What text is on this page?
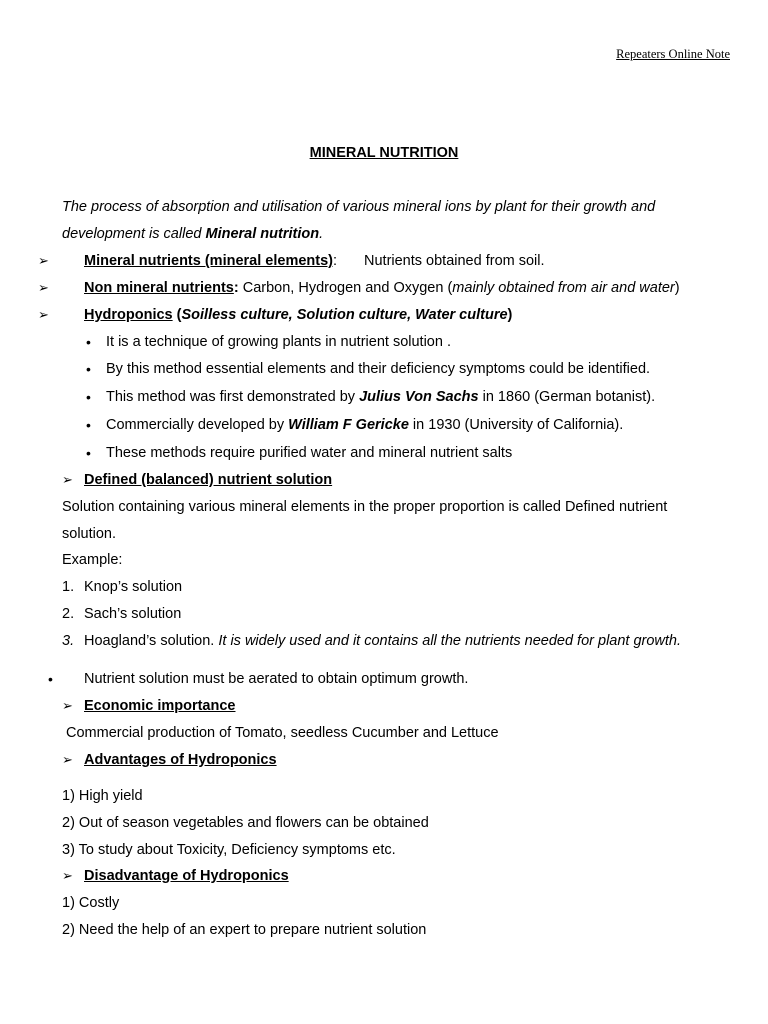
Repeaters Online Note
MINERAL NUTRITION
The process of absorption and utilisation of various mineral ions by plant for their growth and
development is called Mineral nutrition.
➢ Mineral nutrients (mineral elements): Nutrients obtained from soil.
➢ Non mineral nutrients: Carbon, Hydrogen and Oxygen (mainly obtained from air and water)
➢ Hydroponics (Soilless culture, Solution culture, Water culture)
• It is a technique of growing plants in nutrient solution .
• By this method essential elements and their deficiency symptoms could be identified.
• This method was first demonstrated by Julius Von Sachs in 1860 (German botanist).
• Commercially developed by William F Gericke in 1930 (University of California).
• These methods require purified water and mineral nutrient salts
➢ Defined (balanced) nutrient solution
Solution containing various mineral elements in the proper proportion is called Defined nutrient
solution.
Example:
1. Knop’s solution
2. Sach’s solution
3. Hoagland’s solution. It is widely used and it contains all the nutrients needed for plant growth.
• Nutrient solution must be aerated to obtain optimum growth.
➢ Economic importance
Commercial production of Tomato, seedless Cucumber and Lettuce
➢ Advantages of Hydroponics
1) High yield
2) Out of season vegetables and flowers can be obtained
3) To study about Toxicity, Deficiency symptoms etc.
➢ Disadvantage of Hydroponics
1) Costly
2) Need the help of an expert to prepare nutrient solution
